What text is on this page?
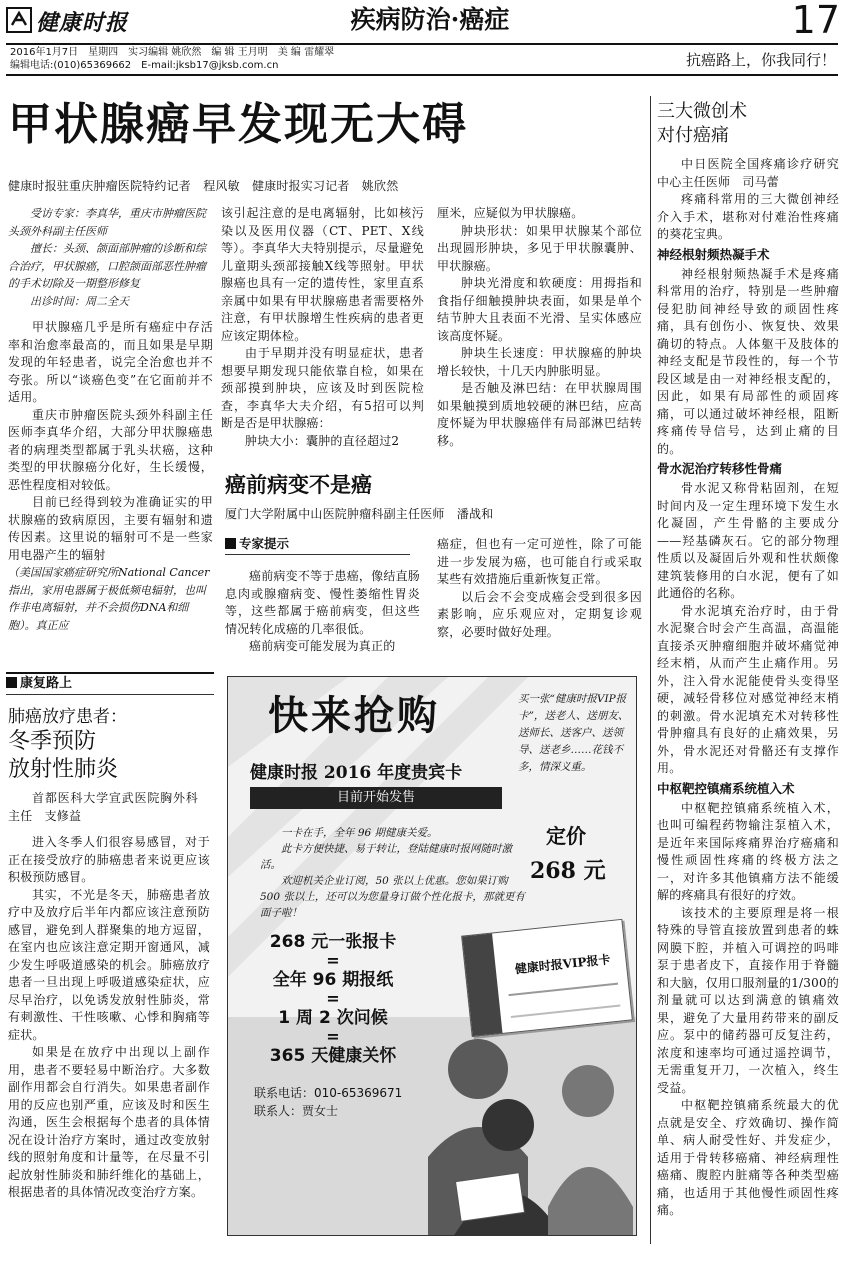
健康时报	疾病防治·癌症	17
2016年1月7日　星期四　实习编辑 姚欣然　编 辑 王月明　美 编 雷耀翠
编辑电话:(010)65369662　E-mail:jksb17@jksb.com.cn	抗癌路上，你我同行！
甲状腺癌早发现无大碍
健康时报驻重庆肿瘤医院特约记者　程风敏　健康时报实习记者　姚欣然
受访专家：李真华，重庆市肿瘤医院头颈外科副主任医师
擅长：头颈、颌面部肿瘤的诊断和综合治疗，甲状腺癌，口腔颌面部恶性肿瘤的手术切除及一期整形修复
出诊时间：周二全天

甲状腺癌几乎是所有癌症中存活率和治愈率最高的，而且如果是早期发现的年轻患者，说完全治愈也并不夸张。所以“谈癌色变”在它面前并不适用。

重庆市肿瘤医院头颈外科副主任医师李真华介绍，大部分甲状腺癌患者的病理类型都属于乳头状癌，这种类型的甲状腺癌分化好，生长缓慢，恶性程度相对较低。

目前已经得到较为准确证实的甲状腺癌的致病原因，主要有辐射和遗传因素。这里说的辐射可不是一些家用电器产生的辐射

（美国国家癌症研究所National Cancer指出，家用电器属于极低频电辐射，也叫作非电离辐射，并不会损伤DNA和细胞）。真正应

该引起注意的是电离辐射，比如核污染以及医用仪器（CT、PET、X线等）。李真华大夫特别提示，尽量避免儿童期头颈部接触X线等照射。甲状腺癌也具有一定的遗传性，家里直系亲属中如果有甲状腺癌患者需要格外注意，有甲状腺增生性疾病的患者更应该定期体检。

由于早期并没有明显症状，患者想要早期发现只能依靠自检，如果在颈部摸到肿块，应该及时到医院检查，李真华大夫介绍，有5招可以判断是否是甲状腺癌：

肿块大小：囊肿的直径超过2

厘米，应疑似为甲状腺癌。

肿块形状：如果甲状腺某个部位出现圆形肿块，多见于甲状腺囊肿、甲状腺癌。

肿块光滑度和软硬度：用拇指和食指仔细触摸肿块表面，如果是单个结节肿大且表面不光滑、呈实体感应该高度怀疑。

肿块生长速度：甲状腺癌的肿块增长较快，十几天内肿胀明显。

是否触及淋巴结：在甲状腺周围如果触摸到质地较硬的淋巴结，应高度怀疑为甲状腺癌伴有局部淋巴结转移。

癌前病变不是癌
厦门大学附属中山医院肿瘤科副主任医师　潘战和
专家提示

癌前病变不等于患癌，像结直肠息肉或腺瘤病变、慢性萎缩性胃炎等，这些都属于癌前病变，但这些情况转化成癌的几率很低。

癌前病变可能发展为真正的

癌症，但也有一定可逆性，除了可能进一步发展为癌，也可能自行或采取某些有效措施后重新恢复正常。

以后会不会变成癌会受到很多因素影响，应乐观应对，定期复诊观察，必要时做好处理。

康复路上
肺癌放疗患者：
冬季预防
放射性肺炎
首都医科大学宣武医院胸外科主任　支修益

进入冬季人们很容易感冒，对于正在接受放疗的肺癌患者来说更应该积极预防感冒。

其实，不光是冬天，肺癌患者放疗中及放疗后半年内都应该注意预防感冒，避免到人群聚集的地方逗留，在室内也应该注意定期开窗通风，减少发生呼吸道感染的机会。肺癌放疗患者一旦出现上呼吸道感染症状，应尽早治疗，以免诱发放射性肺炎，常有刺激性、干性咳嗽、心悸和胸痛等症状。

如果是在放疗中出现以上副作用，患者不要轻易中断治疗。大多数副作用都会自行消失。如果患者副作用的反应也别严重，应该及时和医生沟通，医生会根据每个患者的具体情况在设计治疗方案时，通过改变放射线的照射角度和计量等，在尽量不引起放射性肺炎和肺纤维化的基础上，根据患者的具体情况改变治疗方案。

快来抢购
健康时报 2016 年度贵宾卡
目前开始发售
买一张“健康时报VIP报卡”，送老人、送朋友、送师长、送客户、送领导、送老乡……花钱不多，情深义重。
一卡在手，全年 96 期健康关爱。
此卡方便快捷、易于转让，登陆健康时报网随时激活。
欢迎机关企业订阅，50 张以上优惠。您如果订购 500 张以上，还可以为您量身订做个性化报卡，那就更有面子啦！
定价
268 元
268 元一张报卡
=
全年 96 期报纸
=
1 周 2 次问候
=
365 天健康关怀
健康时报VIP报卡
联系电话：010-65369671
联系人：贾女士
三大微创术
对付癌痛

中日医院全国疼痛诊疗研究中心主任医师　司马蕾

疼痛科常用的三大微创神经介入手术，堪称对付难治性疼痛的葵花宝典。

神经根射频热凝手术

神经根射频热凝手术是疼痛科常用的治疗，特别是一些肿瘤侵犯肋间神经导致的顽固性疼痛，具有创伤小、恢复快、效果确切的特点。人体躯干及肢体的神经支配是节段性的，每一个节段区域是由一对神经根支配的，因此，如果有局部性的顽固疼痛，可以通过破坏神经根，阻断疼痛传导信号，达到止痛的目的。

骨水泥治疗转移性骨痛

骨水泥又称骨粘固剂，在短时间内及一定生理环境下发生水化凝固，产生骨骼的主要成分——羟基磷灰石。它的部分物理性质以及凝固后外观和性状颇像建筑装修用的白水泥，便有了如此通俗的名称。

骨水泥填充治疗时，由于骨水泥聚合时会产生高温，高温能直接杀灭肿瘤细胞并破坏痛觉神经末梢，从而产生止痛作用。另外，注入骨水泥能使骨头变得坚硬，减轻骨移位对感觉神经末梢的刺激。骨水泥填充术对转移性骨肿瘤具有良好的止痛效果，另外，骨水泥还对骨骼还有支撑作用。

中枢靶控镇痛系统植入术

中枢靶控镇痛系统植入术，也叫可编程药物输注泵植入术，是近年来国际疼痛界治疗癌痛和慢性顽固性疼痛的终极方法之一，对许多其他镇痛方法不能缓解的疼痛具有很好的疗效。

该技术的主要原理是将一根特殊的导管直接放置到患者的蛛网膜下腔，并植入可调控的吗啡泵于患者皮下，直接作用于脊髓和大脑，仅用口服剂量的1/300的剂量就可以达到满意的镇痛效果，避免了大量用药带来的副反应。泵中的储药器可反复注药，浓度和速率均可通过遥控调节，无需重复开刀，一次植入，终生受益。

中枢靶控镇痛系统最大的优点就是安全、疗效确切、操作简单、病人耐受性好、并发症少，适用于骨转移癌痛、神经病理性癌痛、腹腔内脏痛等各种类型癌痛，也适用于其他慢性顽固性疼痛。
